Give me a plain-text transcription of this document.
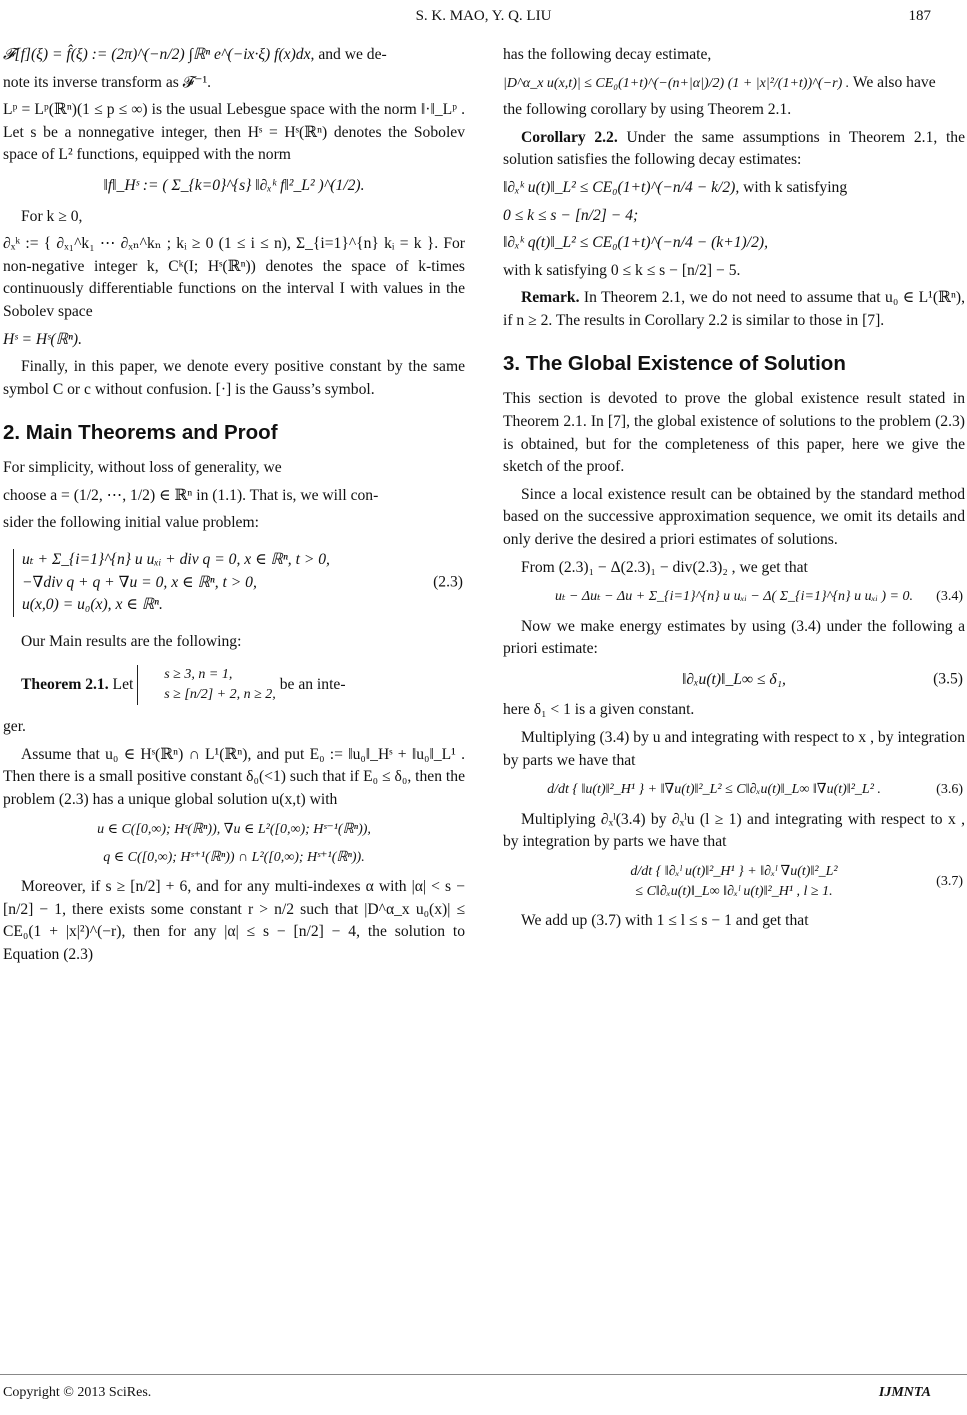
S. K. MAO, Y. Q. LIU	187

𝓕[f](ξ) = f̂(ξ) := (2π)^(−n/2) ∫ℝⁿ e^(−ix·ξ) f(x)dx, and we de-

note its inverse transform as 𝓕⁻¹.

Lᵖ = Lᵖ(ℝⁿ)(1 ≤ p ≤ ∞) is the usual Lebesgue space with the norm ‖·‖_Lᵖ . Let s be a nonnegative integer, then Hˢ = Hˢ(ℝⁿ) denotes the Sobolev space of L² functions, equipped with the norm

‖f‖_Hˢ := ( Σ_{k=0}^{s} ‖∂ₓᵏ f‖²_L² )^(1/2).

For k ≥ 0,

∂ₓᵏ := { ∂ₓ₁^k₁ ⋯ ∂ₓₙ^kₙ ; kᵢ ≥ 0 (1 ≤ i ≤ n), Σ_{i=1}^{n} kᵢ = k }. For non-negative integer k, Cᵏ(I; Hˢ(ℝⁿ)) denotes the space of k-times continuously differentiable functions on the interval I with values in the Sobolev space

Hˢ = Hˢ(ℝⁿ).

Finally, in this paper, we denote every positive constant by the same symbol C or c without confusion. [·] is the Gauss’s symbol.

2. Main Theorems and Proof

For simplicity, without loss of generality, we

choose a = (1/2, ⋯, 1/2) ∈ ℝⁿ in (1.1). That is, we will con-

sider the following initial value problem:

uₜ + Σ_{i=1}^{n} u uₓᵢ + div q = 0, x ∈ ℝⁿ, t > 0,
−∇div q + q + ∇u = 0, x ∈ ℝⁿ, t > 0,
u(x,0) = u₀(x), x ∈ ℝⁿ.
(2.3)

Our Main results are the following:

Theorem 2.1. Let
s ≥ 3, n = 1,
s ≥ [n/2] + 2, n ≥ 2,
be an inte-

ger.

Assume that u₀ ∈ Hˢ(ℝⁿ) ∩ L¹(ℝⁿ), and put E₀ := ‖u₀‖_Hˢ + ‖u₀‖_L¹ . Then there is a small positive constant δ₀(<1) such that if E₀ ≤ δ₀, then the problem (2.3) has a unique global solution u(x,t) with

u ∈ C([0,∞); Hˢ(ℝⁿ)), ∇u ∈ L²([0,∞); Hˢ⁻¹(ℝⁿ)),
q ∈ C([0,∞); Hˢ⁺¹(ℝⁿ)) ∩ L²([0,∞); Hˢ⁺¹(ℝⁿ)).

Moreover, if s ≥ [n/2] + 6, and for any multi-indexes α with |α| < s − [n/2] − 1, there exists some constant r > n/2 such that |D^α_x u₀(x)| ≤ CE₀(1 + |x|²)^(−r), then for any |α| ≤ s − [n/2] − 4, the solution to Equation (2.3)

has the following decay estimate,

|D^α_x u(x,t)| ≤ CE₀(1+t)^(−(n+|α|)/2) (1 + |x|²/(1+t))^(−r) . We also have

the following corollary by using Theorem 2.1.

Corollary 2.2. Under the same assumptions in Theorem 2.1, the solution satisfies the following decay estimates:

‖∂ₓᵏ u(t)‖_L² ≤ CE₀(1+t)^(−n/4 − k/2), with k satisfying

0 ≤ k ≤ s − [n/2] − 4;

‖∂ₓᵏ q(t)‖_L² ≤ CE₀(1+t)^(−n/4 − (k+1)/2),

with k satisfying 0 ≤ k ≤ s − [n/2] − 5.

Remark. In Theorem 2.1, we do not need to assume that u₀ ∈ L¹(ℝⁿ), if n ≥ 2. The results in Corollary 2.2 is similar to those in [7].

3. The Global Existence of Solution

This section is devoted to prove the global existence result stated in Theorem 2.1. In [7], the global existence of solutions to the problem (2.3) is obtained, but for the completeness of this paper, here we give the sketch of the proof.

Since a local existence result can be obtained by the standard method based on the successive approximation sequence, we omit its details and only derive the desired a priori estimates of solutions.

From (2.3)₁ − Δ(2.3)₁ − div(2.3)₂ , we get that

uₜ − Δuₜ − Δu + Σ_{i=1}^{n} u uₓᵢ − Δ( Σ_{i=1}^{n} u uₓᵢ ) = 0. (3.4)

Now we make energy estimates by using (3.4) under the following a priori estimate:

‖∂ₓu(t)‖_L∞ ≤ δ₁,	(3.5)

here δ₁ < 1 is a given constant.

Multiplying (3.4) by u and integrating with respect to x , by integration by parts we have that

d/dt { ‖u(t)‖²_H¹ } + ‖∇u(t)‖²_L² ≤ C‖∂ₓu(t)‖_L∞ ‖∇u(t)‖²_L² .	(3.6)

Multiplying ∂ₓˡ(3.4) by ∂ₓˡu (l ≥ 1) and integrating with respect to x , by integration by parts we have that

d/dt { ‖∂ₓˡ u(t)‖²_H¹ } + ‖∂ₓˡ ∇u(t)‖²_L²
≤ C‖∂ₓu(t)‖_L∞ ‖∂ₓˡ u(t)‖²_H¹ , l ≥ 1.
(3.7)

We add up (3.7) with 1 ≤ l ≤ s − 1 and get that

Copyright © 2013 SciRes.	IJMNTA
